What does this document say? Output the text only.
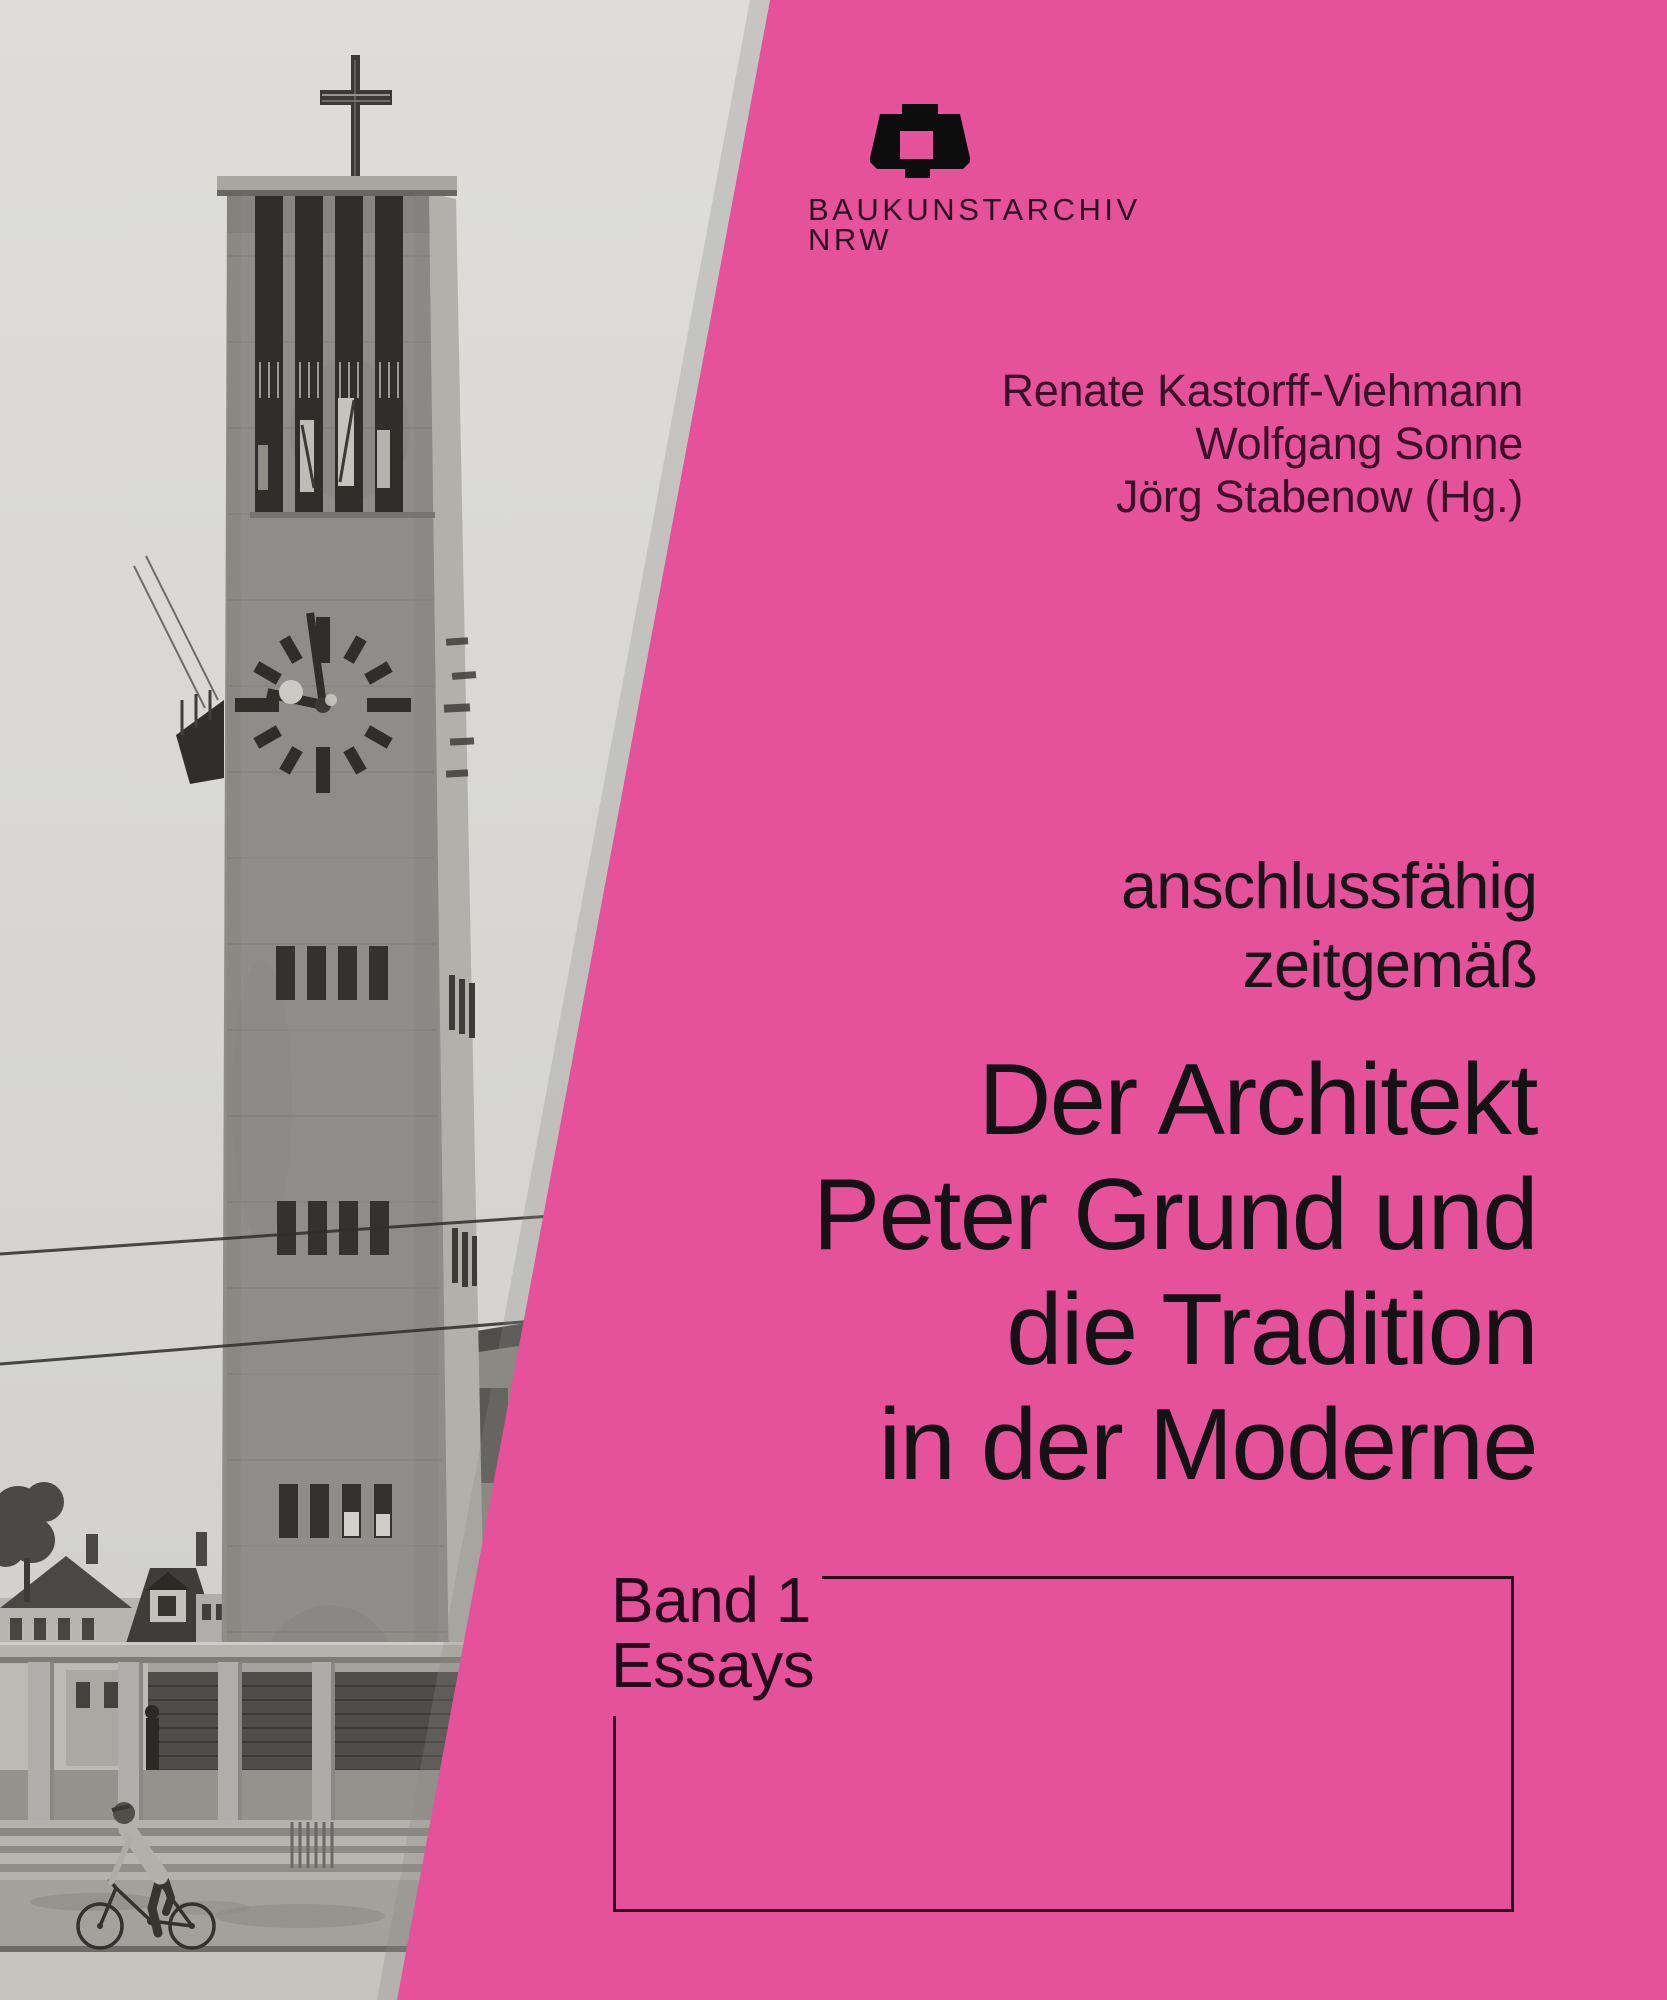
BAUKUNSTARCHIV
NRW
Renate Kastorff-Viehmann
Wolfgang Sonne
Jörg Stabenow (Hg.)
anschlussfähig
zeitgemäß
Der Architekt
Peter Grund und
die Tradition
in der Moderne
Band 1
Essays
